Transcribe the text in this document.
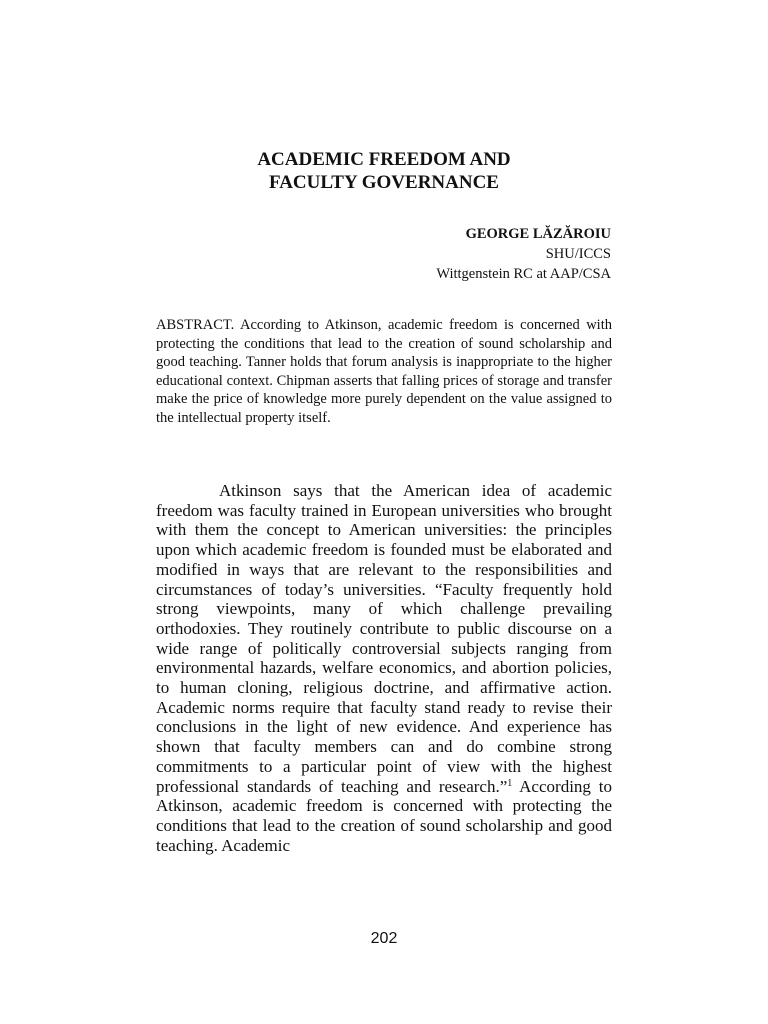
ACADEMIC FREEDOM AND
FACULTY GOVERNANCE
GEORGE LĂZĂROIU
SHU/ICCS
Wittgenstein RC at AAP/CSA

ABSTRACT. According to Atkinson, academic freedom is concerned with protecting the conditions that lead to the creation of sound scholarship and good teaching. Tanner holds that forum analysis is inappropriate to the higher educational context. Chipman asserts that falling prices of storage and transfer make the price of knowledge more purely dependent on the value assigned to the intellectual property itself.

Atkinson says that the American idea of academic freedom was faculty trained in European universities who brought with them the concept to American universities: the principles upon which academic freedom is founded must be elaborated and modified in ways that are relevant to the responsibilities and circumstances of today’s universities. “Faculty frequently hold strong viewpoints, many of which challenge prevailing orthodoxies. They routinely contribute to public discourse on a wide range of politically controversial subjects ranging from environmental hazards, welfare economics, and abortion policies, to human cloning, religious doctrine, and affirmative action. Academic norms require that faculty stand ready to revise their conclusions in the light of new evidence. And experience has shown that faculty members can and do combine strong commitments to a particular point of view with the highest professional standards of teaching and research.”$^1$ According to Atkinson, academic freedom is concerned with protecting the conditions that lead to the creation of sound scholarship and good teaching. Academic

202
